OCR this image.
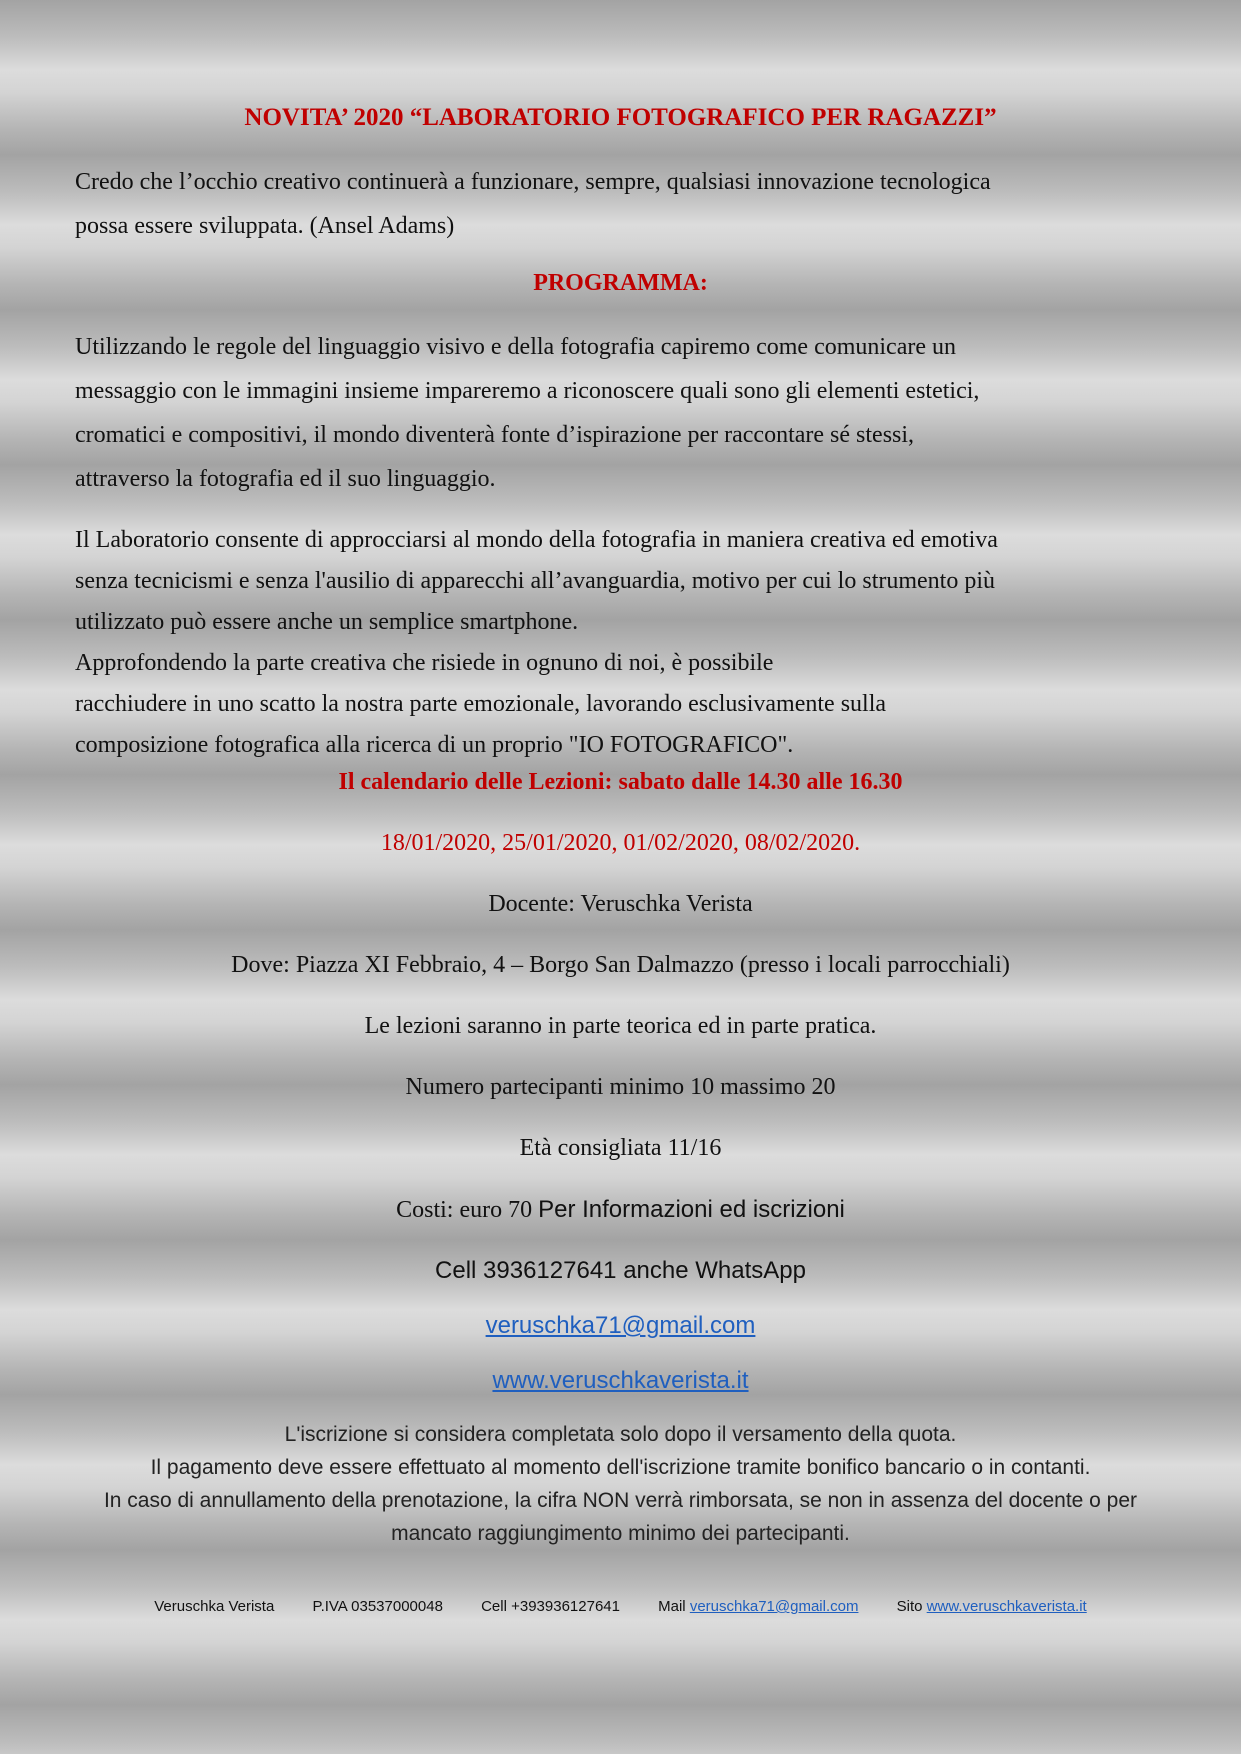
NOVITA’ 2020 “LABORATORIO FOTOGRAFICO PER RAGAZZI”
Credo che l’occhio creativo continuerà a funzionare, sempre, qualsiasi innovazione tecnologica
possa essere sviluppata. (Ansel Adams)
PROGRAMMA:
Utilizzando le regole del linguaggio visivo e della fotografia capiremo come comunicare un
messaggio con le immagini insieme impareremo a riconoscere quali sono gli elementi estetici,
cromatici e compositivi, il mondo diventerà fonte d’ispirazione per raccontare sé stessi,
attraverso la fotografia ed il suo linguaggio.
Il Laboratorio consente di approcciarsi al mondo della fotografia in maniera creativa ed emotiva
senza tecnicismi e senza l'ausilio di apparecchi all’avanguardia, motivo per cui lo strumento più
utilizzato può essere anche un semplice smartphone.
Approfondendo la parte creativa che risiede in ognuno di noi, è possibile
racchiudere in uno scatto la nostra parte emozionale, lavorando esclusivamente sulla
composizione fotografica alla ricerca di un proprio "IO FOTOGRAFICO".
Il calendario delle Lezioni: sabato dalle 14.30 alle 16.30
18/01/2020, 25/01/2020, 01/02/2020, 08/02/2020.
Docente: Veruschka Verista
Dove: Piazza XI Febbraio, 4 – Borgo San Dalmazzo (presso i locali parrocchiali)
Le lezioni saranno in parte teorica ed in parte pratica.
Numero partecipanti minimo 10 massimo 20
Età consigliata 11/16
Costi: euro 70 Per Informazioni ed iscrizioni
Cell 3936127641 anche WhatsApp
veruschka71@gmail.com
www.veruschkaverista.it
L'iscrizione si considera completata solo dopo il versamento della quota.
Il pagamento deve essere effettuato al momento dell'iscrizione tramite bonifico bancario o in contanti.
In caso di annullamento della prenotazione, la cifra NON verrà rimborsata, se non in assenza del docente o per
mancato raggiungimento minimo dei partecipanti.
Veruschka Verista	P.IVA 03537000048	Cell +393936127641	Mail veruschka71@gmail.com	Sito www.veruschkaverista.it
